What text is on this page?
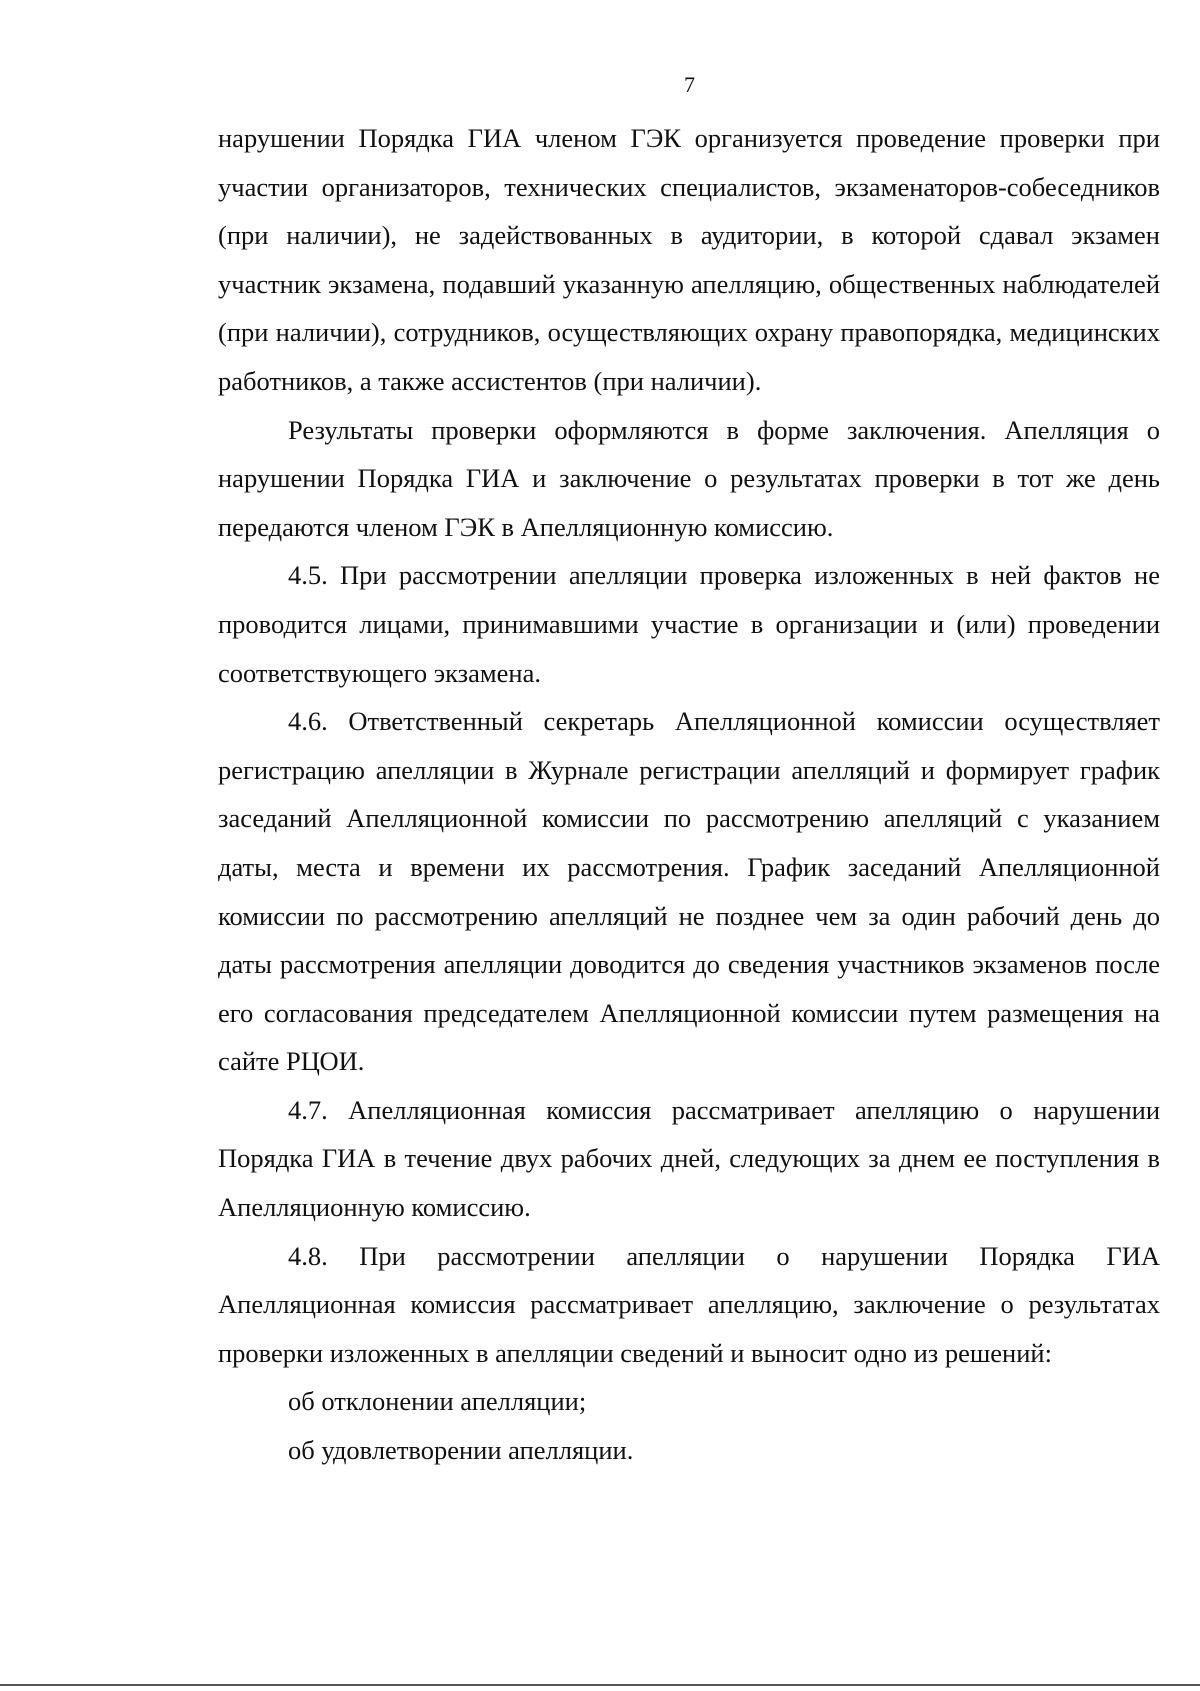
7

нарушении Порядка ГИА членом ГЭК организуется проведение проверки при участии организаторов, технических специалистов, экзаменаторов-собеседников (при наличии), не задействованных в аудитории, в которой сдавал экзамен участник экзамена, подавший указанную апелляцию, общественных наблюдателей (при наличии), сотрудников, осуществляющих охрану правопорядка, медицинских работников, а также ассистентов (при наличии).

Результаты проверки оформляются в форме заключения. Апелляция о нарушении Порядка ГИА и заключение о результатах проверки в тот же день передаются членом ГЭК в Апелляционную комиссию.

4.5. При рассмотрении апелляции проверка изложенных в ней фактов не проводится лицами, принимавшими участие в организации и (или) проведении соответствующего экзамена.

4.6. Ответственный секретарь Апелляционной комиссии осуществляет регистрацию апелляции в Журнале регистрации апелляций и формирует график заседаний Апелляционной комиссии по рассмотрению апелляций с указанием даты, места и времени их рассмотрения. График заседаний Апелляционной комиссии по рассмотрению апелляций не позднее чем за один рабочий день до даты рассмотрения апелляции доводится до сведения участников экзаменов после его согласования председателем Апелляционной комиссии путем размещения на сайте РЦОИ.

4.7. Апелляционная комиссия рассматривает апелляцию о нарушении Порядка ГИА в течение двух рабочих дней, следующих за днем ее поступления в Апелляционную комиссию.

4.8. При рассмотрении апелляции о нарушении Порядка ГИА Апелляционная комиссия рассматривает апелляцию, заключение о результатах проверки изложенных в апелляции сведений и выносит одно из решений:

об отклонении апелляции;

об удовлетворении апелляции.
